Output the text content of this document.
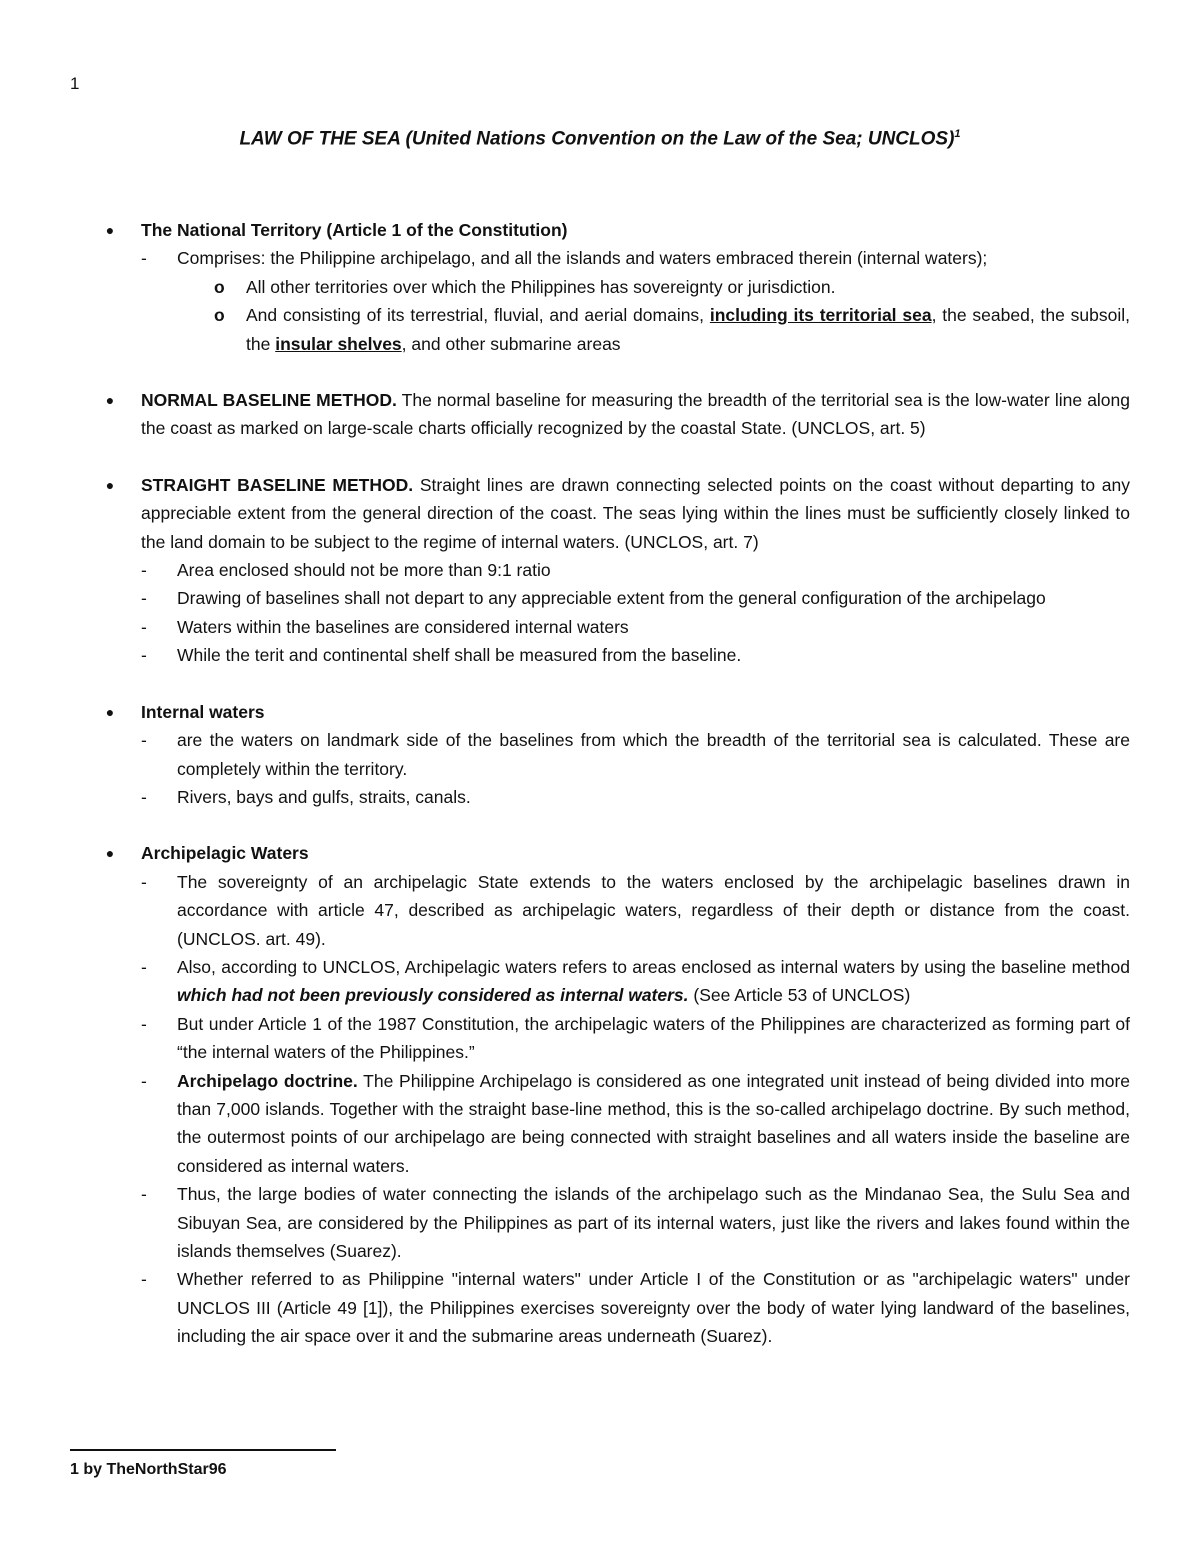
1
LAW OF THE SEA (United Nations Convention on the Law of the Sea; UNCLOS)$^1$
● The National Territory (Article 1 of the Constitution)
- Comprises: the Philippine archipelago, and all the islands and waters embraced therein (internal waters);
o All other territories over which the Philippines has sovereignty or jurisdiction.
o And consisting of its terrestrial, fluvial, and aerial domains, including its territorial sea, the seabed, the subsoil, the insular shelves, and other submarine areas
● NORMAL BASELINE METHOD. The normal baseline for measuring the breadth of the territorial sea is the low-water line along the coast as marked on large-scale charts officially recognized by the coastal State. (UNCLOS, art. 5)
● STRAIGHT BASELINE METHOD. Straight lines are drawn connecting selected points on the coast without departing to any appreciable extent from the general direction of the coast. The seas lying within the lines must be sufficiently closely linked to the land domain to be subject to the regime of internal waters. (UNCLOS, art. 7)
- Area enclosed should not be more than 9:1 ratio
- Drawing of baselines shall not depart to any appreciable extent from the general configuration of the archipelago
- Waters within the baselines are considered internal waters
- While the terit and continental shelf shall be measured from the baseline.
● Internal waters
- are the waters on landmark side of the baselines from which the breadth of the territorial sea is calculated. These are completely within the territory.
- Rivers, bays and gulfs, straits, canals.
● Archipelagic Waters
- The sovereignty of an archipelagic State extends to the waters enclosed by the archipelagic baselines drawn in accordance with article 47, described as archipelagic waters, regardless of their depth or distance from the coast. (UNCLOS. art. 49).
- Also, according to UNCLOS, Archipelagic waters refers to areas enclosed as internal waters by using the baseline method which had not been previously considered as internal waters. (See Article 53 of UNCLOS)
- But under Article 1 of the 1987 Constitution, the archipelagic waters of the Philippines are characterized as forming part of “the internal waters of the Philippines.”
- Archipelago doctrine. The Philippine Archipelago is considered as one integrated unit instead of being divided into more than 7,000 islands. Together with the straight base-line method, this is the so-called archipelago doctrine. By such method, the outermost points of our archipelago are being connected with straight baselines and all waters inside the baseline are considered as internal waters.
- Thus, the large bodies of water connecting the islands of the archipelago such as the Mindanao Sea, the Sulu Sea and Sibuyan Sea, are considered by the Philippines as part of its internal waters, just like the rivers and lakes found within the islands themselves (Suarez).
- Whether referred to as Philippine "internal waters" under Article I of the Constitution or as "archipelagic waters" under UNCLOS III (Article 49 [1]), the Philippines exercises sovereignty over the body of water lying landward of the baselines, including the air space over it and the submarine areas underneath (Suarez).
1 by TheNorthStar96
